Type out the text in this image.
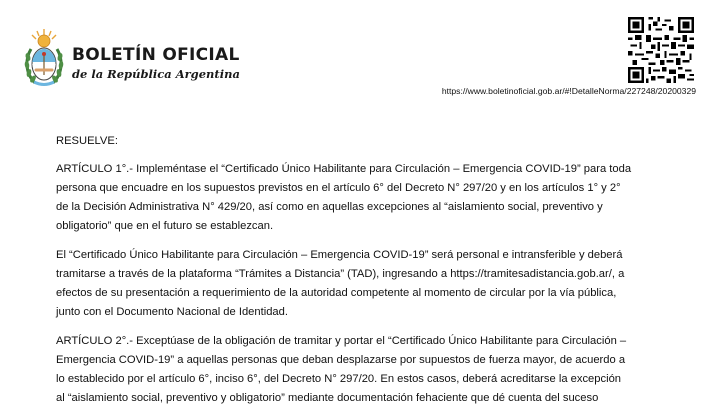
BOLETÍN OFICIAL
de la República Argentina
https://www.boletinoficial.gob.ar/#!DetalleNorma/227248/20200329

RESUELVE:

ARTÍCULO 1°.- Impleméntase el “Certificado Único Habilitante para Circulación – Emergencia COVID-19” para toda
persona que encuadre en los supuestos previstos en el artículo 6° del Decreto N° 297/20 y en los artículos 1° y 2°
de la Decisión Administrativa N° 429/20, así como en aquellas excepciones al “aislamiento social, preventivo y
obligatorio” que en el futuro se establezcan.

El “Certificado Único Habilitante para Circulación – Emergencia COVID-19” será personal e intransferible y deberá
tramitarse a través de la plataforma “Trámites a Distancia” (TAD), ingresando a https://tramitesadistancia.gob.ar/, a
efectos de su presentación a requerimiento de la autoridad competente al momento de circular por la vía pública,
junto con el Documento Nacional de Identidad.

ARTÍCULO 2°.- Exceptúase de la obligación de tramitar y portar el “Certificado Único Habilitante para Circulación –
Emergencia COVID-19” a aquellas personas que deban desplazarse por supuestos de fuerza mayor, de acuerdo a
lo establecido por el artículo 6°, inciso 6°, del Decreto N° 297/20. En estos casos, deberá acreditarse la excepción
al “aislamiento social, preventivo y obligatorio” mediante documentación fehaciente que dé cuenta del suceso
